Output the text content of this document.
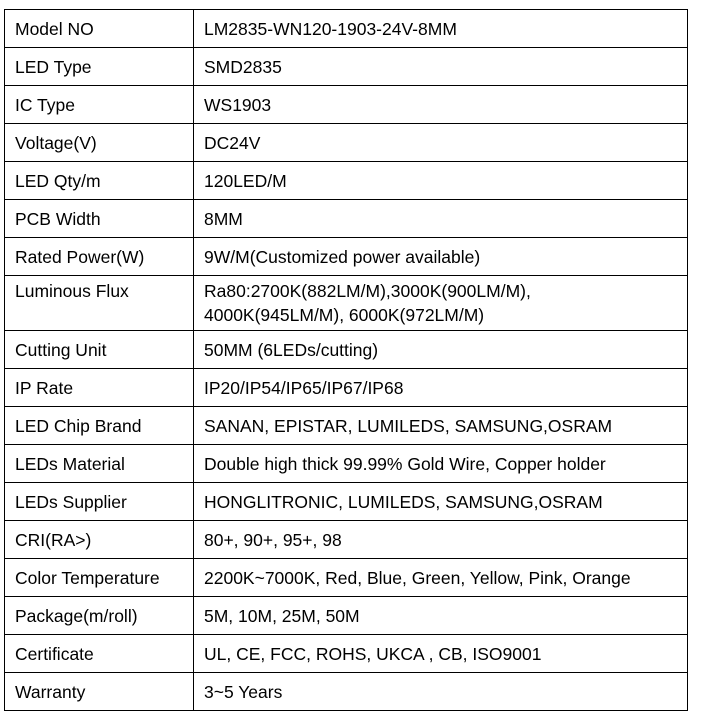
Model NO	LM2835-WN120-1903-24V-8MM
LED Type	SMD2835
IC Type	WS1903
Voltage(V)	DC24V
LED Qty/m	120LED/M
PCB Width	8MM
Rated Power(W)	9W/M(Customized power available)
Luminous Flux	Ra80:2700K(882LM/M),3000K(900LM/M),
4000K(945LM/M), 6000K(972LM/M)

Cutting Unit	50MM (6LEDs/cutting)
IP Rate	IP20/IP54/IP65/IP67/IP68
LED Chip Brand	SANAN, EPISTAR, LUMILEDS, SAMSUNG,OSRAM
LEDs Material	Double high thick 99.99% Gold Wire, Copper holder
LEDs Supplier	HONGLITRONIC, LUMILEDS, SAMSUNG,OSRAM
CRI(RA>)	80+, 90+, 95+, 98
Color Temperature	2200K~7000K, Red, Blue, Green, Yellow, Pink, Orange
Package(m/roll)	5M, 10M, 25M, 50M
Certificate	UL, CE, FCC, ROHS, UKCA , CB, ISO9001
Warranty	3~5 Years
